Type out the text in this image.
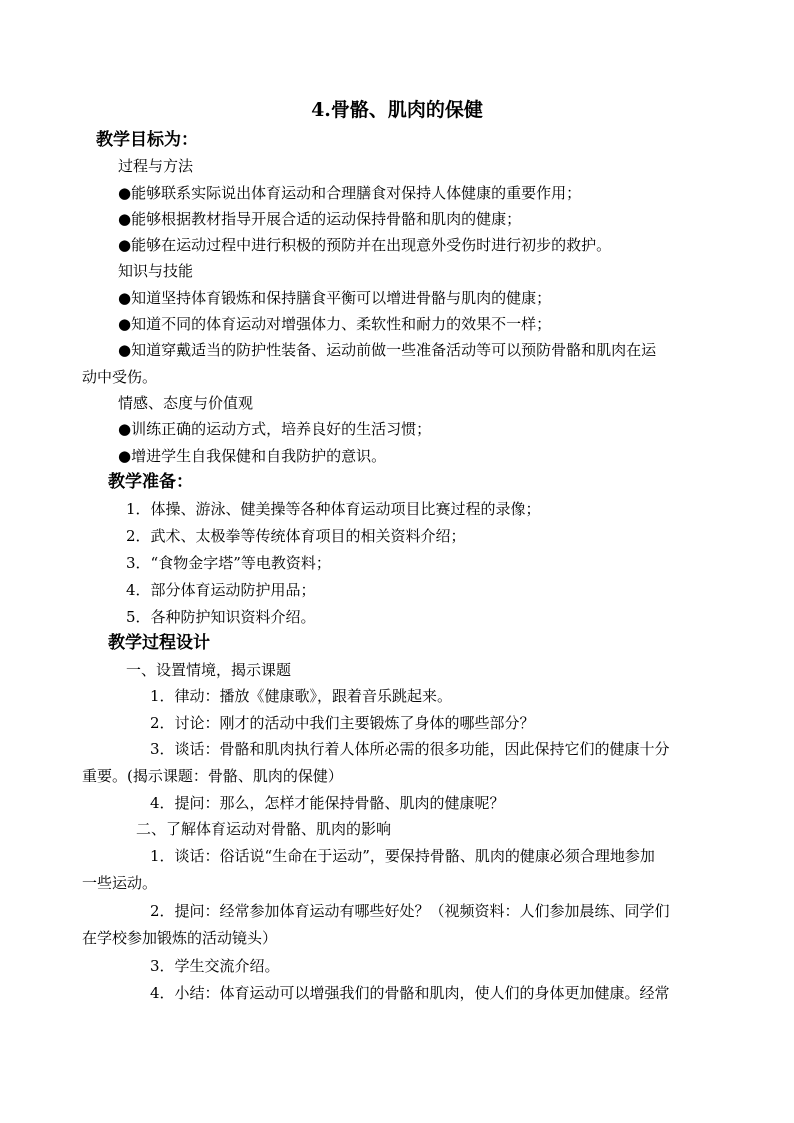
4.骨骼、肌肉的保健

教学目标为：

过程与方法

●能够联系实际说出体育运动和合理膳食对保持人体健康的重要作用；

●能够根据教材指导开展合适的运动保持骨骼和肌肉的健康；

●能够在运动过程中进行积极的预防并在出现意外受伤时进行初步的救护。

知识与技能

●知道坚持体育锻炼和保持膳食平衡可以增进骨骼与肌肉的健康；

●知道不同的体育运动对增强体力、柔软性和耐力的效果不一样；

●知道穿戴适当的防护性装备、运动前做一些准备活动等可以预防骨骼和肌肉在运

动中受伤。

情感、态度与价值观

●训练正确的运动方式，培养良好的生活习惯；

●增进学生自我保健和自我防护的意识。

教学准备：

1．体操、游泳、健美操等各种体育运动项目比赛过程的录像；

2．武术、太极拳等传统体育项目的相关资料介绍；

3．“食物金字塔”等电教资料；

4．部分体育运动防护用品；

5．各种防护知识资料介绍。

教学过程设计

一、设置情境，揭示课题

1．律动：播放《健康歌》，跟着音乐跳起来。

2．讨论：刚才的活动中我们主要锻炼了身体的哪些部分？

3．谈话：骨骼和肌肉执行着人体所必需的很多功能，因此保持它们的健康十分

重要。(揭示课题：骨骼、肌肉的保健）

4．提问：那么，怎样才能保持骨骼、肌肉的健康呢？

二、了解体育运动对骨骼、肌肉的影响

1．谈话：俗话说“生命在于运动”，要保持骨骼、肌肉的健康必须合理地参加

一些运动。

2．提问：经常参加体育运动有哪些好处？（视频资料：人们参加晨练、同学们

在学校参加锻炼的活动镜头）

3．学生交流介绍。

4．小结：体育运动可以增强我们的骨骼和肌肉，使人们的身体更加健康。经常
